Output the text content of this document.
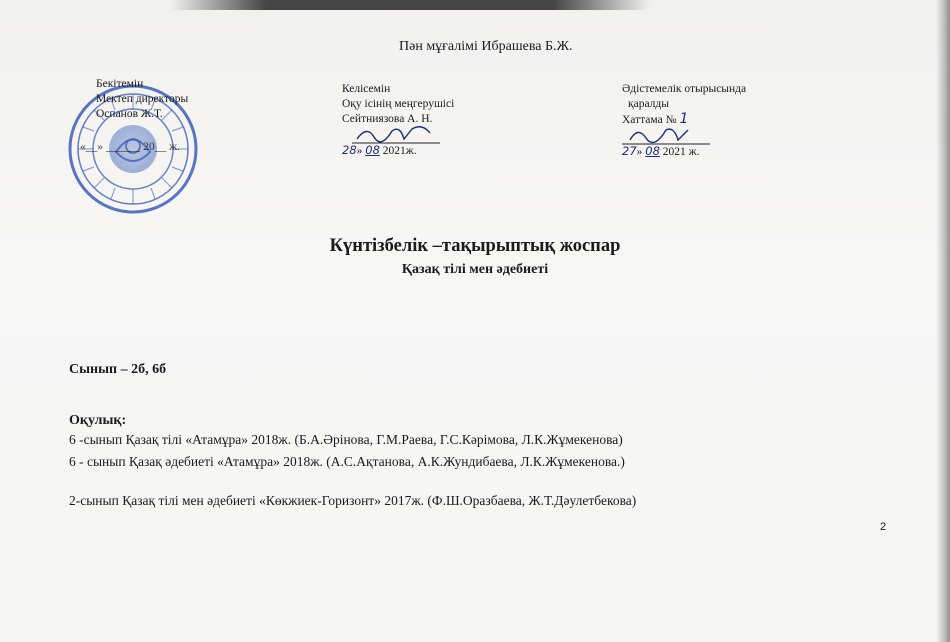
Пән мұғалімі Ибрашева Б.Ж.
Бекітемін
Мектеп директоры
Оспанов Ж.Т.
«__» ______ 20__ ж.
Келісемін
Оқу ісінің меңгерушісі
Сейтниязова А. Н.
28» 08 2021ж.
Әдістемелік отырысында
қаралды
Хаттама № 1
27» 08 2021 ж.
Күнтізбелік –тақырыптық жоспар
Қазақ тілі мен әдебиеті
Сынып – 2б, 6б
Оқулық:
6 -сынып Қазақ тілі «Атамұра» 2018ж. (Б.А.Әрінова, Г.М.Раева, Г.С.Кәрімова, Л.К.Жұмекенова)
6 - сынып Қазақ әдебиеті «Атамұра» 2018ж. (А.С.Ақтанова, А.К.Жундибаева, Л.К.Жұмекенова.)
2-сынып Қазақ тілі мен әдебиеті «Көкжиек-Горизонт» 2017ж. (Ф.Ш.Оразбаева, Ж.Т.Дәулетбекова)
2
